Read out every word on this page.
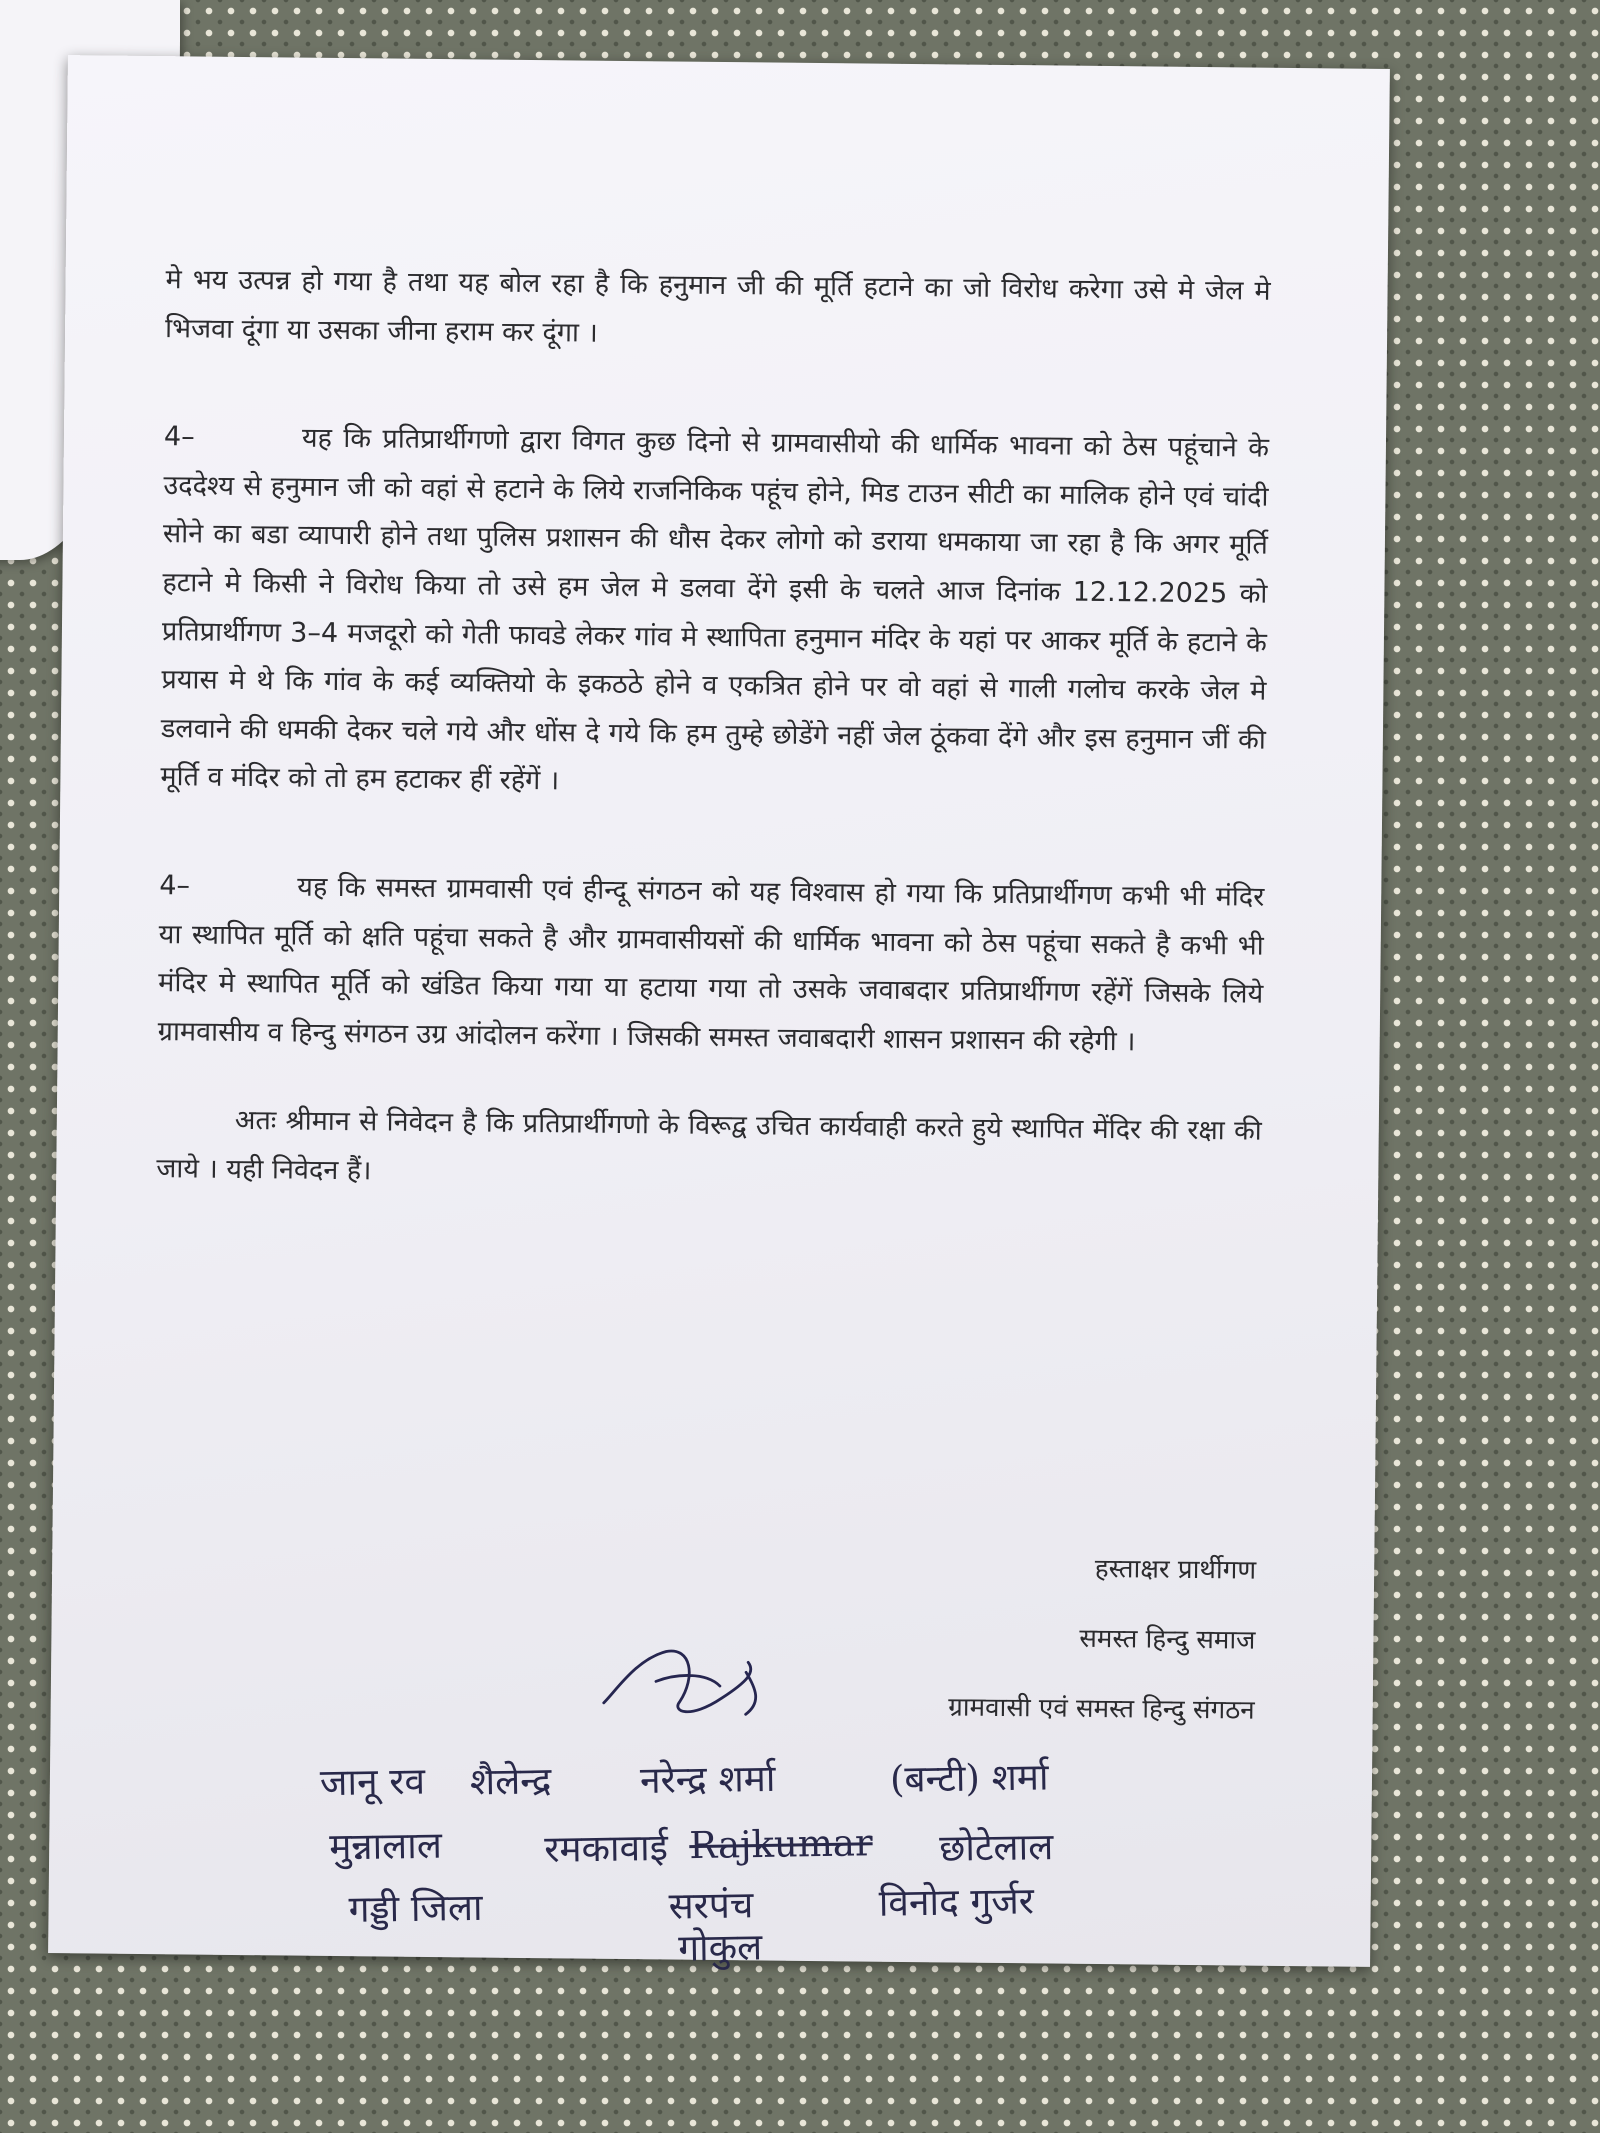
मे भय उत्पन्न हो गया है तथा यह बोल रहा है कि हनुमान जी की मूर्ति हटाने का जो विरोध करेगा उसे मे जेल मे भिजवा दूंगा या उसका जीना हराम कर दूंगा ।

4–	यह कि प्रतिप्रार्थीगणो द्वारा विगत कुछ दिनो से ग्रामवासीयो की धार्मिक भावना को ठेस पहूंचाने के उददेश्य से हनुमान जी को वहां से हटाने के लिये राजनिकिक पहूंच होने, मिड टाउन सीटी का मालिक होने एवं चांदी सोने का बडा व्यापारी होने तथा पुलिस प्रशासन की धौस देकर लोगो को डराया धमकाया जा रहा है कि अगर मूर्ति हटाने मे किसी ने विरोध किया तो उसे हम जेल मे डलवा देंगे इसी के चलते आज दिनांक 12.12.2025 को प्रतिप्रार्थीगण 3–4 मजदूरो को गेती फावडे लेकर गांव मे स्थापिता हनुमान मंदिर के यहां पर आकर मूर्ति के हटाने के प्रयास मे थे कि गांव के कई व्यक्तियो के इकठठे होने व एकत्रित होने पर वो वहां से गाली गलोच करके जेल मे डलवाने की धमकी देकर चले गये और धोंस दे गये कि हम तुम्हे छोडेंगे नहीं जेल ठूंकवा देंगे और इस हनुमान जीं की मूर्ति व मंदिर को तो हम हटाकर हीं रहेंगें ।

4–	यह कि समस्त ग्रामवासी एवं हीन्दू संगठन को यह विश्वास हो गया कि प्रतिप्रार्थीगण कभी भी मंदिर या स्थापित मूर्ति को क्षति पहूंचा सकते है और ग्रामवासीयसों की धार्मिक भावना को ठेस पहूंचा सकते है कभी भी मंदिर मे स्थापित मूर्ति को खंडित किया गया या हटाया गया तो उसके जवाबदार प्रतिप्रार्थीगण रहेंगें जिसके लिये ग्रामवासीय व हिन्दु संगठन उग्र आंदोलन करेंगा । जिसकी समस्त जवाबदारी शासन प्रशासन की रहेगी ।

अतः श्रीमान से निवेदन है कि प्रतिप्रार्थीगणो के विरूद्व उचित कार्यवाही करते हुये स्थापित मेंदिर की रक्षा की जाये । यही निवेदन हैं।

हस्ताक्षर प्रार्थीगण
समस्त हिन्दु समाज
ग्रामवासी एवं समस्त हिन्दु संगठन
जानू रव शैलेन्द्र नरेन्द्र शर्मा	(बन्टी) शर्मा
मुन्नालाल	रमकावाई Rajkumar छोटेलाल
गड्डी जिला	सरपंच	विनोद गुर्जर
गोकुल
